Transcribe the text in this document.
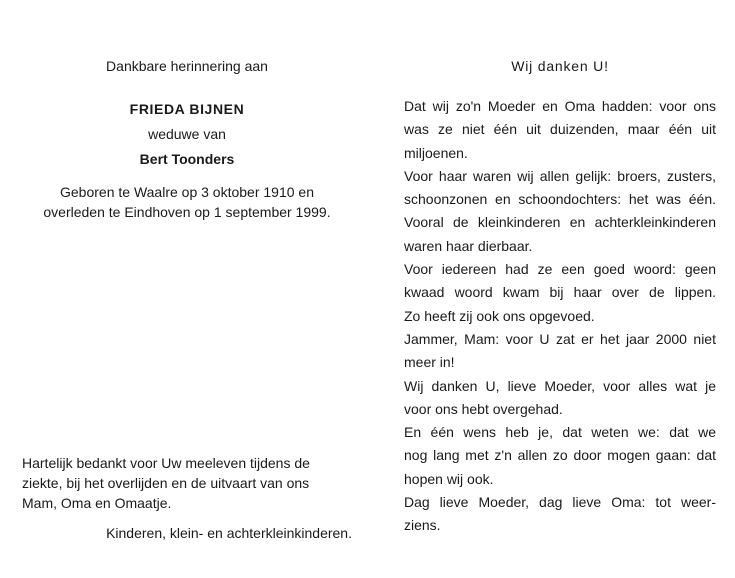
Dankbare herinnering aan
FRIEDA BIJNEN
weduwe van
Bert Toonders
Geboren te Waalre op 3 oktober 1910 en
overleden te Eindhoven op 1 september 1999.
Hartelijk bedankt voor Uw meeleven tijdens de
ziekte, bij het overlijden en de uitvaart van ons
Mam, Oma en Omaatje.
Kinderen, klein- en achterkleinkinderen.
Wij danken U!
Dat wij zo'n Moeder en Oma hadden: voor ons
was ze niet één uit duizenden, maar één uit
miljoenen.
Voor haar waren wij allen gelijk: broers, zusters,
schoonzonen en schoondochters: het was één.
Vooral de kleinkinderen en achterkleinkinderen
waren haar dierbaar.
Voor iedereen had ze een goed woord: geen
kwaad woord kwam bij haar over de lippen.
Zo heeft zij ook ons opgevoed.
Jammer, Mam: voor U zat er het jaar 2000 niet
meer in!
Wij danken U, lieve Moeder, voor alles wat je
voor ons hebt overgehad.
En één wens heb je, dat weten we: dat we
nog lang met z'n allen zo door mogen gaan: dat
hopen wij ook.
Dag lieve Moeder, dag lieve Oma: tot weer-
ziens.
